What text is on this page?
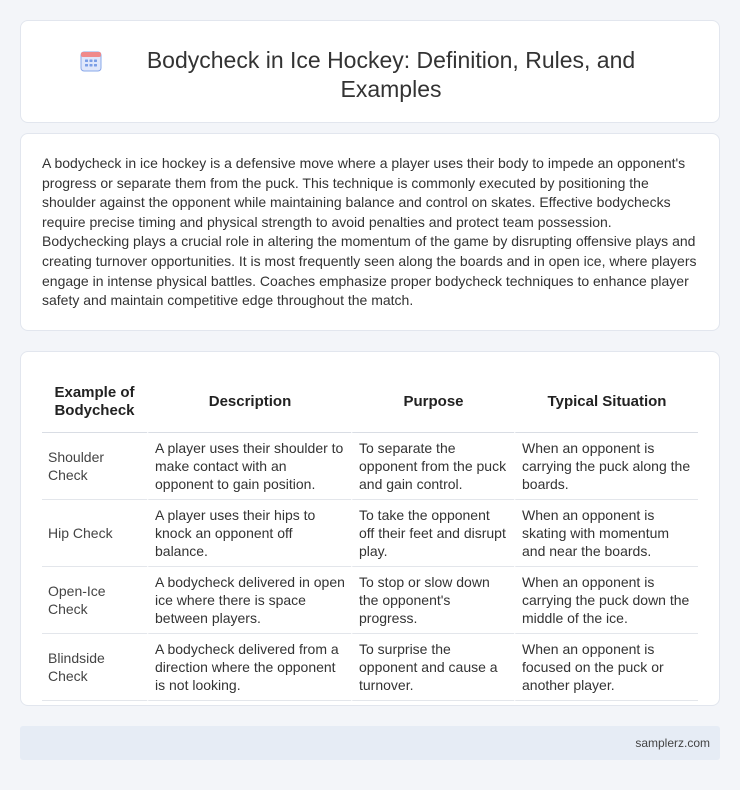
Bodycheck in Ice Hockey: Definition, Rules, and Examples

A bodycheck in ice hockey is a defensive move where a player uses their body to impede an opponent's progress or separate them from the puck. This technique is commonly executed by positioning the shoulder against the opponent while maintaining balance and control on skates. Effective bodychecks require precise timing and physical strength to avoid penalties and protect team possession. Bodychecking plays a crucial role in altering the momentum of the game by disrupting offensive plays and creating turnover opportunities. It is most frequently seen along the boards and in open ice, where players engage in intense physical battles. Coaches emphasize proper bodycheck techniques to enhance player safety and maintain competitive edge throughout the match.

Example of Bodycheck	Description	Purpose	Typical Situation
Shoulder Check	A player uses their shoulder to make contact with an opponent to gain position.	To separate the opponent from the puck and gain control.	When an opponent is carrying the puck along the boards.
Hip Check	A player uses their hips to knock an opponent off balance.	To take the opponent off their feet and disrupt play.	When an opponent is skating with momentum and near the boards.
Open-Ice Check	A bodycheck delivered in open ice where there is space between players.	To stop or slow down the opponent's progress.	When an opponent is carrying the puck down the middle of the ice.
Blindside Check	A bodycheck delivered from a direction where the opponent is not looking.	To surprise the opponent and cause a turnover.	When an opponent is focused on the puck or another player.
samplerz.com
